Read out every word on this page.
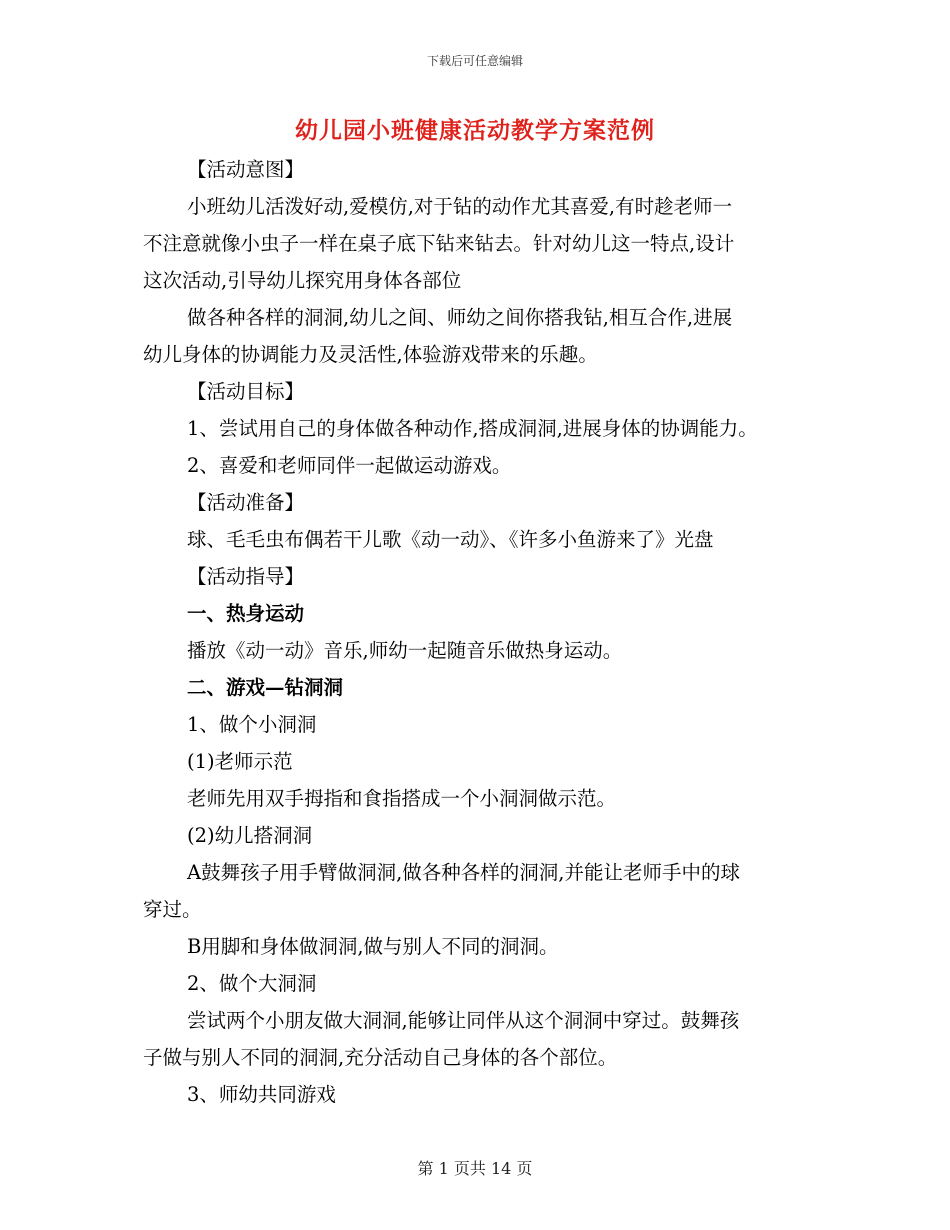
下载后可任意编辑
幼儿园小班健康活动教学方案范例
【活动意图】
小班幼儿活泼好动,爱模仿,对于钻的动作尤其喜爱,有时趁老师一
不注意就像小虫子一样在桌子底下钻来钻去。针对幼儿这一特点,设计
这次活动,引导幼儿探究用身体各部位
做各种各样的洞洞,幼儿之间、师幼之间你搭我钻,相互合作,进展
幼儿身体的协调能力及灵活性,体验游戏带来的乐趣。
【活动目标】
1、尝试用自己的身体做各种动作,搭成洞洞,进展身体的协调能力。
2、喜爱和老师同伴一起做运动游戏。
【活动准备】
球、毛毛虫布偶若干儿歌《动一动》、《许多小鱼游来了》光盘
【活动指导】
一、热身运动
播放《动一动》音乐,师幼一起随音乐做热身运动。
二、游戏—钻洞洞
1、做个小洞洞
(1)老师示范
老师先用双手拇指和食指搭成一个小洞洞做示范。
(2)幼儿搭洞洞
A鼓舞孩子用手臂做洞洞,做各种各样的洞洞,并能让老师手中的球
穿过。
B用脚和身体做洞洞,做与别人不同的洞洞。
2、做个大洞洞
尝试两个小朋友做大洞洞,能够让同伴从这个洞洞中穿过。鼓舞孩
子做与别人不同的洞洞,充分活动自己身体的各个部位。
3、师幼共同游戏
第 1 页共 14 页
